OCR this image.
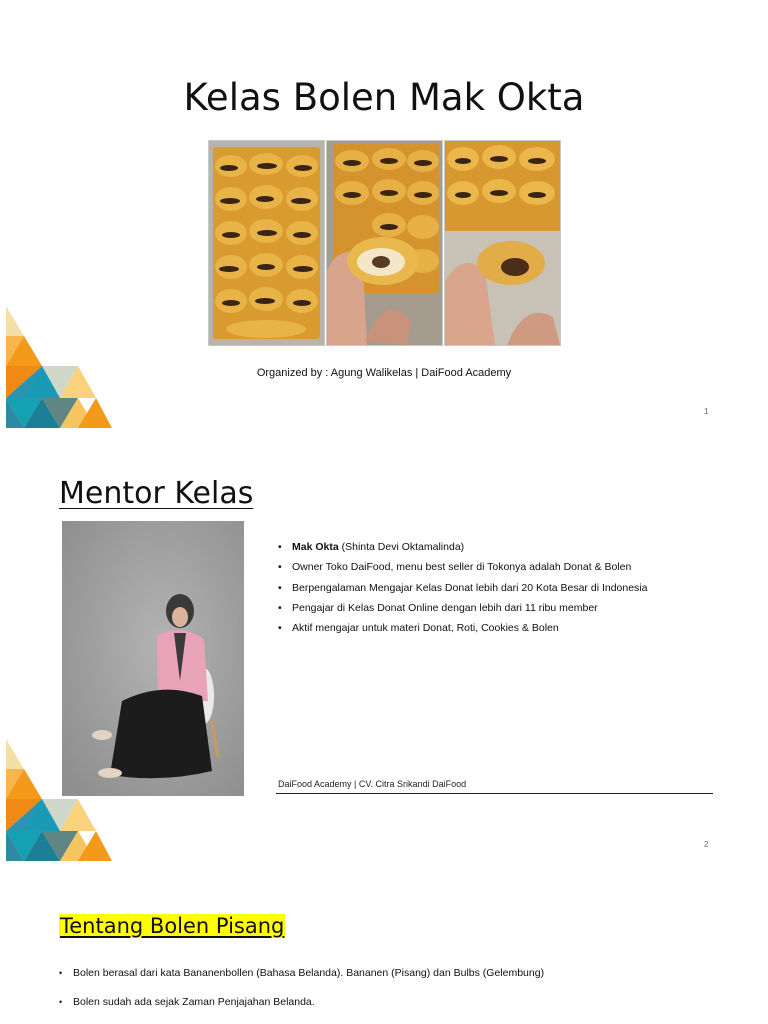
Kelas Bolen Mak Okta
Organized by : Agung Walikelas | DaiFood Academy
1
Mentor Kelas
• Mak Okta (Shinta Devi Oktamalinda)
• Owner Toko DaiFood, menu best seller di Tokonya adalah Donat & Bolen
• Berpengalaman Mengajar Kelas Donat lebih dari 20 Kota Besar di Indonesia
• Pengajar di Kelas Donat Online dengan lebih dari 11 ribu member
• Aktif mengajar untuk materi Donat, Roti, Cookies & Bolen
DaiFood Academy | CV. Citra Srikandi DaiFood
2
Tentang Bolen Pisang
• Bolen berasal dari kata Bananenbollen (Bahasa Belanda). Bananen (Pisang) dan Bulbs (Gelembung)
• Bolen sudah ada sejak Zaman Penjajahan Belanda.
